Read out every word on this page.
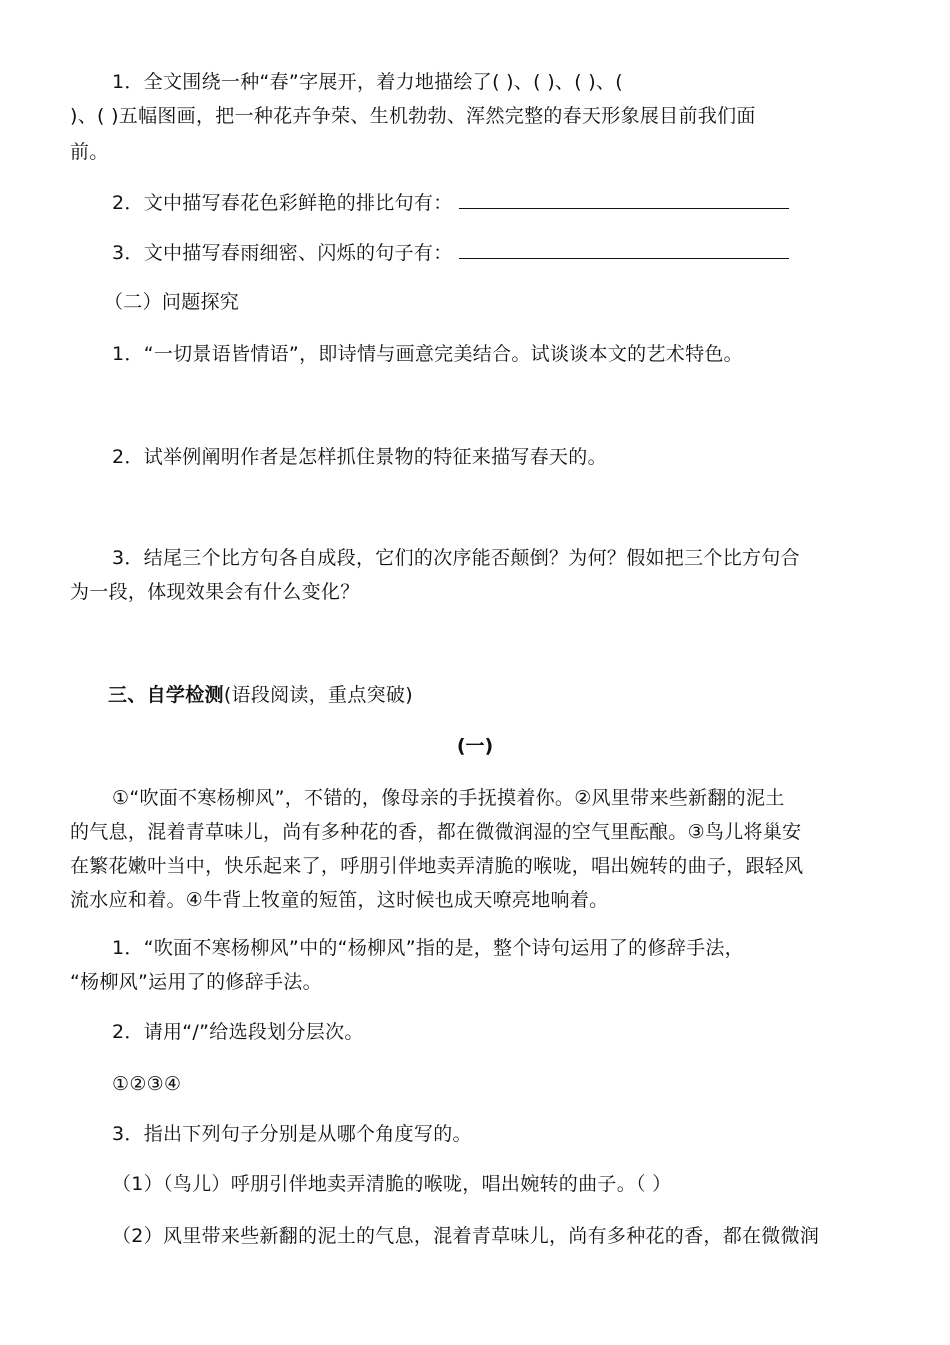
1．全文围绕一种“春”字展开，着力地描绘了( )、( )、( )、(
)、( )五幅图画，把一种花卉争荣、生机勃勃、浑然完整的春天形象展目前我们面
前。
2．文中描写春花色彩鲜艳的排比句有：
3．文中描写春雨细密、闪烁的句子有：
（二）问题探究
1．“一切景语皆情语”，即诗情与画意完美结合。试谈谈本文的艺术特色。
2．试举例阐明作者是怎样抓住景物的特征来描写春天的。
3．结尾三个比方句各自成段，它们的次序能否颠倒？为何？假如把三个比方句合
为一段，体现效果会有什么变化？
三、自学检测(语段阅读，重点突破)
(一)
①“吹面不寒杨柳风”，不错的，像母亲的手抚摸着你。②风里带来些新翻的泥土
的气息，混着青草味儿，尚有多种花的香，都在微微润湿的空气里酝酿。③鸟儿将巢安
在繁花嫩叶当中，快乐起来了，呼朋引伴地卖弄清脆的喉咙，唱出婉转的曲子，跟轻风
流水应和着。④牛背上牧童的短笛，这时候也成天嘹亮地响着。
1．“吹面不寒杨柳风”中的“杨柳风”指的是，整个诗句运用了的修辞手法，
“杨柳风”运用了的修辞手法。
2．请用“/”给选段划分层次。
①②③④
3．指出下列句子分别是从哪个角度写的。
（1）（鸟儿）呼朋引伴地卖弄清脆的喉咙，唱出婉转的曲子。（ ）
（2）风里带来些新翻的泥土的气息，混着青草味儿，尚有多种花的香，都在微微润
